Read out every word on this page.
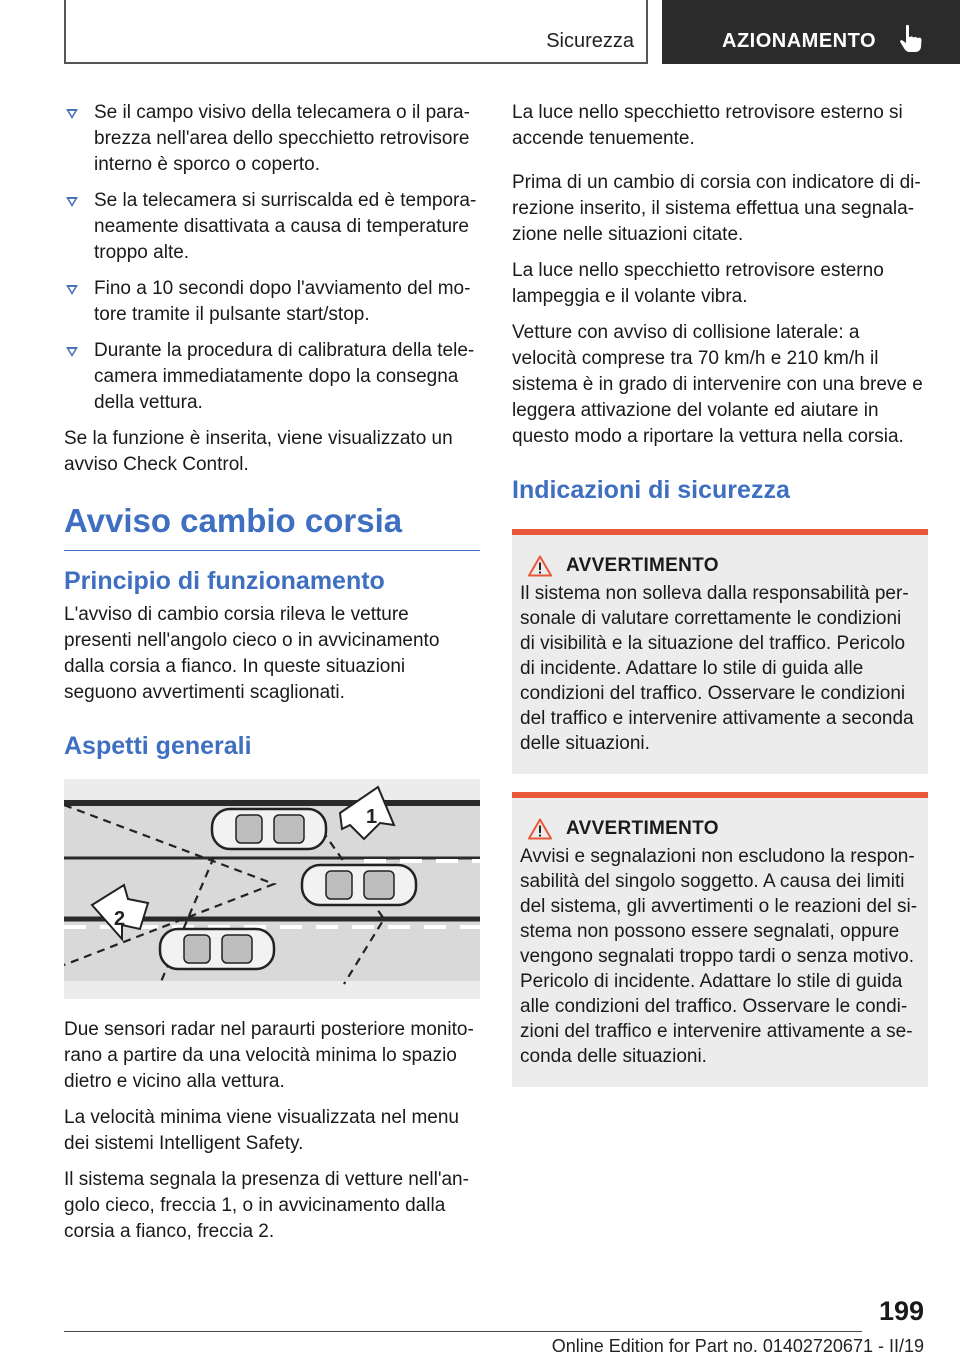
Sicurezza	AZIONAMENTO
Se il campo visivo della telecamera o il parabrezza nell'area dello specchietto retrovisore interno è sporco o coperto.
Se la telecamera si surriscalda ed è temporaneamente disattivata a causa di temperature troppo alte.
Fino a 10 secondi dopo l'avviamento del motore tramite il pulsante start/stop.
Durante la procedura di calibratura della telecamera immediatamente dopo la consegna della vettura.

Se la funzione è inserita, viene visualizzato un avviso Check Control.

Avviso cambio corsia
Principio di funzionamento

L'avviso di cambio corsia rileva le vetture presenti nell'angolo cieco o in avvicinamento dalla corsia a fianco. In queste situazioni seguono avvertimenti scaglionati.

Aspetti generali
1
2

Due sensori radar nel paraurti posteriore monitorano a partire da una velocità minima lo spazio dietro e vicino alla vettura.

La velocità minima viene visualizzata nel menu dei sistemi Intelligent Safety.

Il sistema segnala la presenza di vetture nell'angolo cieco, freccia 1, o in avvicinamento dalla corsia a fianco, freccia 2.

La luce nello specchietto retrovisore esterno si accende tenuemente.

Prima di un cambio di corsia con indicatore di direzione inserito, il sistema effettua una segnalazione nelle situazioni citate.

La luce nello specchietto retrovisore esterno lampeggia e il volante vibra.

Vetture con avviso di collisione laterale: a velocità comprese tra 70 km/h e 210 km/h il sistema è in grado di intervenire con una breve e leggera attivazione del volante ed aiutare in questo modo a riportare la vettura nella corsia.

Indicazioni di sicurezza
AVVERTIMENTO

Il sistema non solleva dalla responsabilità personale di valutare correttamente le condizioni di visibilità e la situazione del traffico. Pericolo di incidente. Adattare lo stile di guida alle condizioni del traffico. Osservare le condizioni del traffico e intervenire attivamente a seconda delle situazioni.

AVVERTIMENTO

Avvisi e segnalazioni non escludono la responsabilità del singolo soggetto. A causa dei limiti del sistema, gli avvertimenti o le reazioni del sistema non possono essere segnalati, oppure vengono segnalati troppo tardi o senza motivo. Pericolo di incidente. Adattare lo stile di guida alle condizioni del traffico. Osservare le condizioni del traffico e intervenire attivamente a seconda delle situazioni.

199
Online Edition for Part no. 01402720671 - II/19
